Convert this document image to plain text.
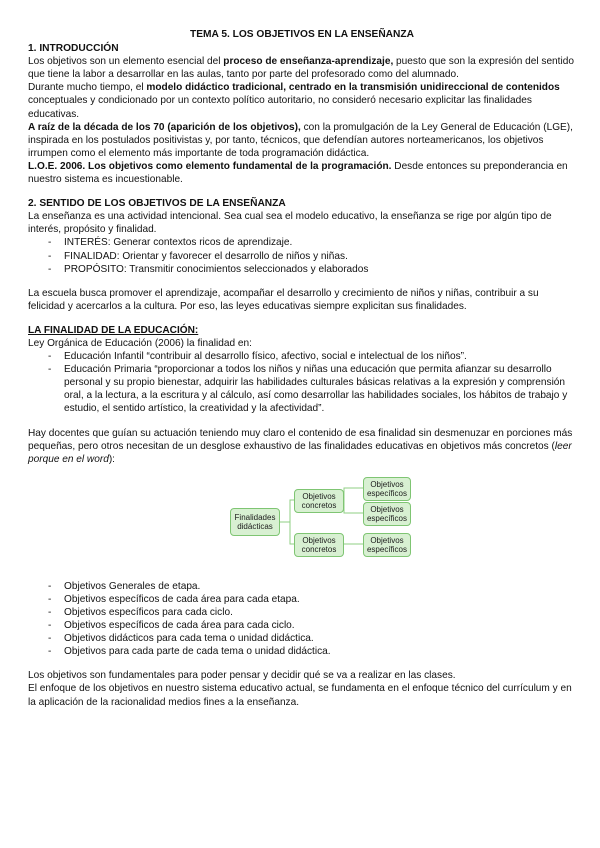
TEMA 5. LOS OBJETIVOS EN LA ENSEÑANZA

1. INTRODUCCIÓN

Los objetivos son un elemento esencial del proceso de enseñanza-aprendizaje, puesto que son la expresión del sentido que tiene la labor a desarrollar en las aulas, tanto por parte del profesorado como del alumnado.

Durante mucho tiempo, el modelo didáctico tradicional, centrado en la transmisión unidireccional de contenidos conceptuales y condicionado por un contexto político autoritario, no consideró necesario explicitar las finalidades educativas.

A raíz de la década de los 70 (aparición de los objetivos), con la promulgación de la Ley General de Educación (LGE), inspirada en los postulados positivistas y, por tanto, técnicos, que defendían autores norteamericanos, los objetivos irrumpen como el elemento más importante de toda programación didáctica.

L.O.E. 2006. Los objetivos como elemento fundamental de la programación. Desde entonces su preponderancia en nuestro sistema es incuestionable.

2. SENTIDO DE LOS OBJETIVOS DE LA ENSEÑANZA

La enseñanza es una actividad intencional. Sea cual sea el modelo educativo, la enseñanza se rige por algún tipo de interés, propósito y finalidad.

- INTERÉS: Generar contextos ricos de aprendizaje.
- FINALIDAD: Orientar y favorecer el desarrollo de niños y niñas.
- PROPÓSITO: Transmitir conocimientos seleccionados y elaborados

La escuela busca promover el aprendizaje, acompañar el desarrollo y crecimiento de niños y niñas, contribuir a su felicidad y acercarlos a la cultura. Por eso, las leyes educativas siempre explicitan sus finalidades.

LA FINALIDAD DE LA EDUCACIÓN:

Ley Orgánica de Educación (2006) la finalidad en:

- Educación Infantil “contribuir al desarrollo físico, afectivo, social e intelectual de los niños”.
- Educación Primaria “proporcionar a todos los niños y niñas una educación que permita afianzar su desarrollo personal y su propio bienestar, adquirir las habilidades culturales básicas relativas a la expresión y comprensión oral, a la lectura, a la escritura y al cálculo, así como desarrollar las habilidades sociales, los hábitos de trabajo y estudio, el sentido artístico, la creatividad y la afectividad”.

Hay docentes que guían su actuación teniendo muy claro el contenido de esa finalidad sin desmenuzar en porciones más pequeñas, pero otros necesitan de un desglose exhaustivo de las finalidades educativas en objetivos más concretos (leer porque en el word):

Finalidades didácticas
Objetivos concretos
Objetivos concretos
Objetivos específicos
Objetivos específicos
Objetivos específicos
- Objetivos Generales de etapa.
- Objetivos específicos de cada área para cada etapa.
- Objetivos específicos para cada ciclo.
- Objetivos específicos de cada área para cada ciclo.
- Objetivos didácticos para cada tema o unidad didáctica.
- Objetivos para cada parte de cada tema o unidad didáctica.

Los objetivos son fundamentales para poder pensar y decidir qué se va a realizar en las clases.

El enfoque de los objetivos en nuestro sistema educativo actual, se fundamenta en el enfoque técnico del currículum y en la aplicación de la racionalidad medios fines a la enseñanza.
